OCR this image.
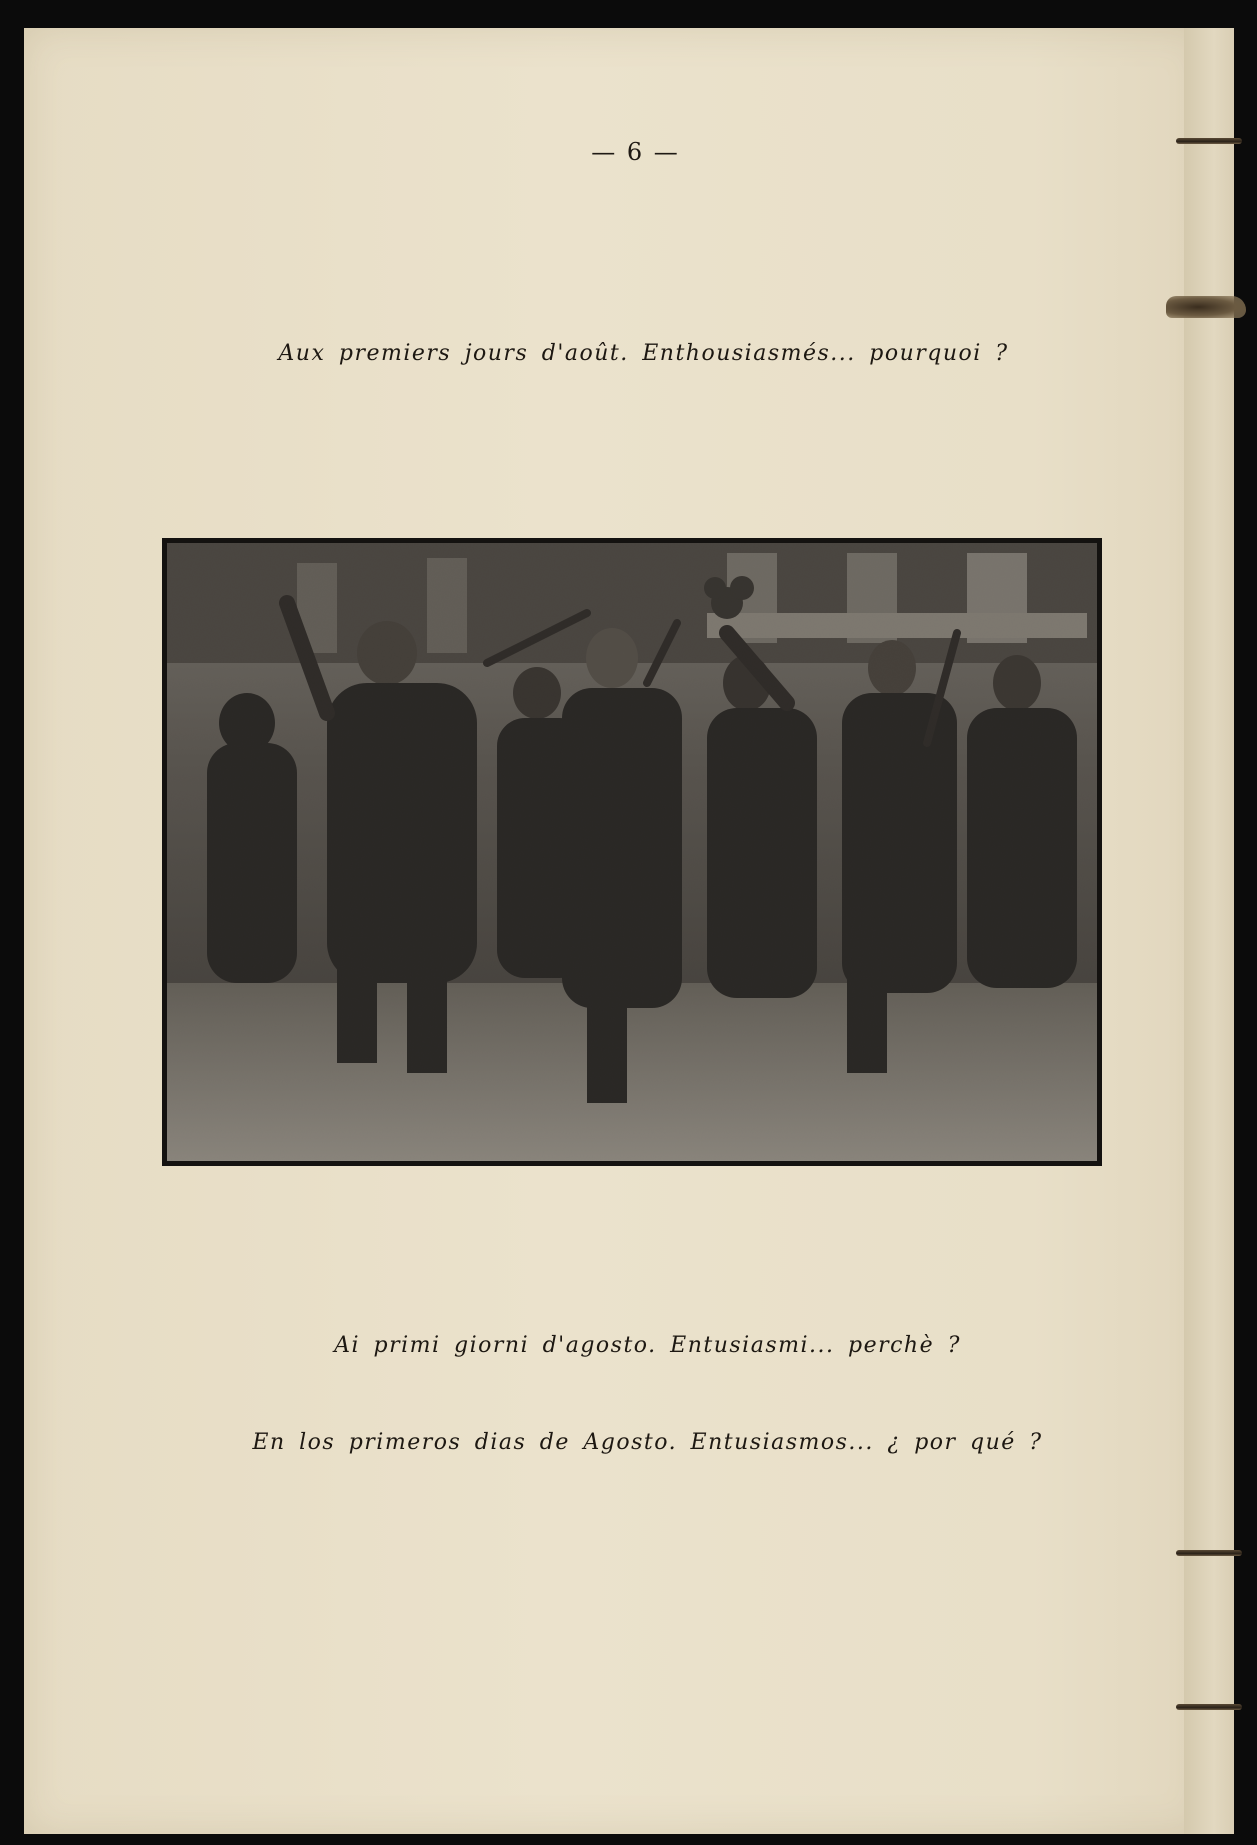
— 6 —
Aux premiers jours d'août. Enthousiasmés... pourquoi ?
Ai primi giorni d'agosto. Entusiasmi... perchè ?
En los primeros dias de Agosto. Entusiasmos... ¿ por qué ?
